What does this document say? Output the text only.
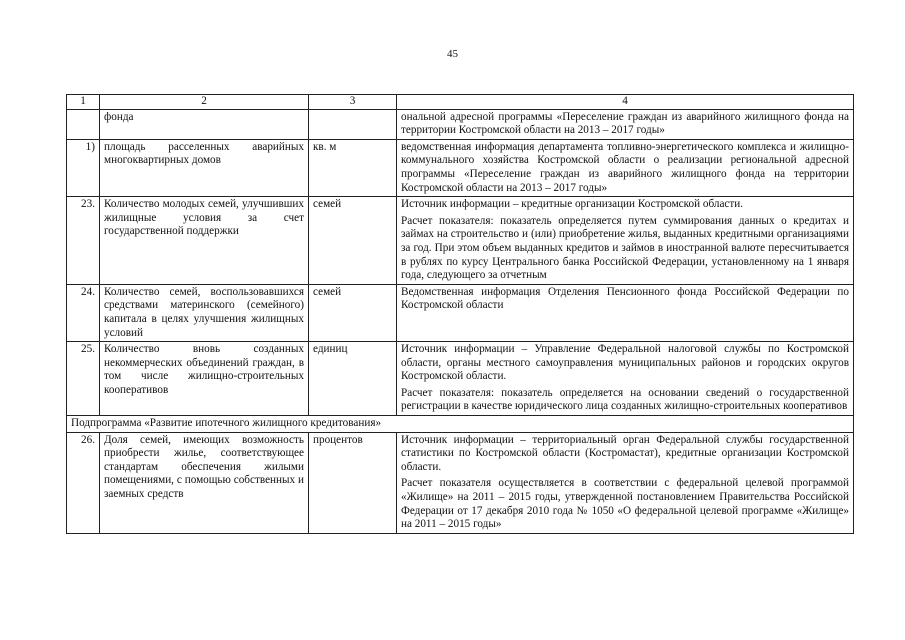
45
1	2	3	4
	фонда		ональной адресной программы «Переселение граждан из аварийного жилищного фонда на территории Костромской области на 2013 – 2017 годы»

1)	площадь расселенных аварийных многоквартирных домов	кв. м	ведомственная информация департамента топливно-энергетического комплекса и жилищно-коммунального хозяйства Костромской области о реализации региональной адресной программы «Переселение граждан из аварийного жилищного фонда на территории Костромской области на 2013 – 2017 годы»

23.	Количество молодых семей, улучшивших жилищные условия за счет государственной поддержки	семей	Источник информации – кредитные организации Костромской области.
Расчет показателя: показатель определяется путем суммирования данных о кредитах и займах на строительство и (или) приобретение жилья, выданных кредитными организациями за год. При этом объем выданных кредитов и займов в иностранной валюте пересчитывается в рублях по курсу Центрального банка Российской Федерации, установленному на 1 января года, следующего за отчетным

24.	Количество семей, воспользовавшихся средствами материнского (семейного) капитала в целях улучшения жилищных условий	семей	Ведомственная информация Отделения Пенсионного фонда Российской Федерации по Костромской области

25.	Количество вновь созданных некоммерческих объединений граждан, в том числе жилищно-строительных кооперативов	единиц	Источник информации – Управление Федеральной налоговой службы по Костромской области, органы местного самоуправления муниципальных районов и городских округов Костромской области.
Расчет показателя: показатель определяется на основании сведений о государственной регистрации в качестве юридического лица созданных жилищно-строительных кооперативов

Подпрограмма «Развитие ипотечного жилищного кредитования»			
26.	Доля семей, имеющих возможность приобрести жилье, соответствующее стандартам обеспечения жилыми помещениями, с помощью собственных и заемных средств	процентов	Источник информации – территориальный орган Федеральной службы государственной статистики по Костромской области (Костромастат), кредитные организации Костромской области.
Расчет показателя осуществляется в соответствии с федеральной целевой программой «Жилище» на 2011 – 2015 годы, утвержденной постановлением Правительства Российской Федерации от 17 декабря 2010 года № 1050 «О федеральной целевой программе «Жилище» на 2011 – 2015 годы»
